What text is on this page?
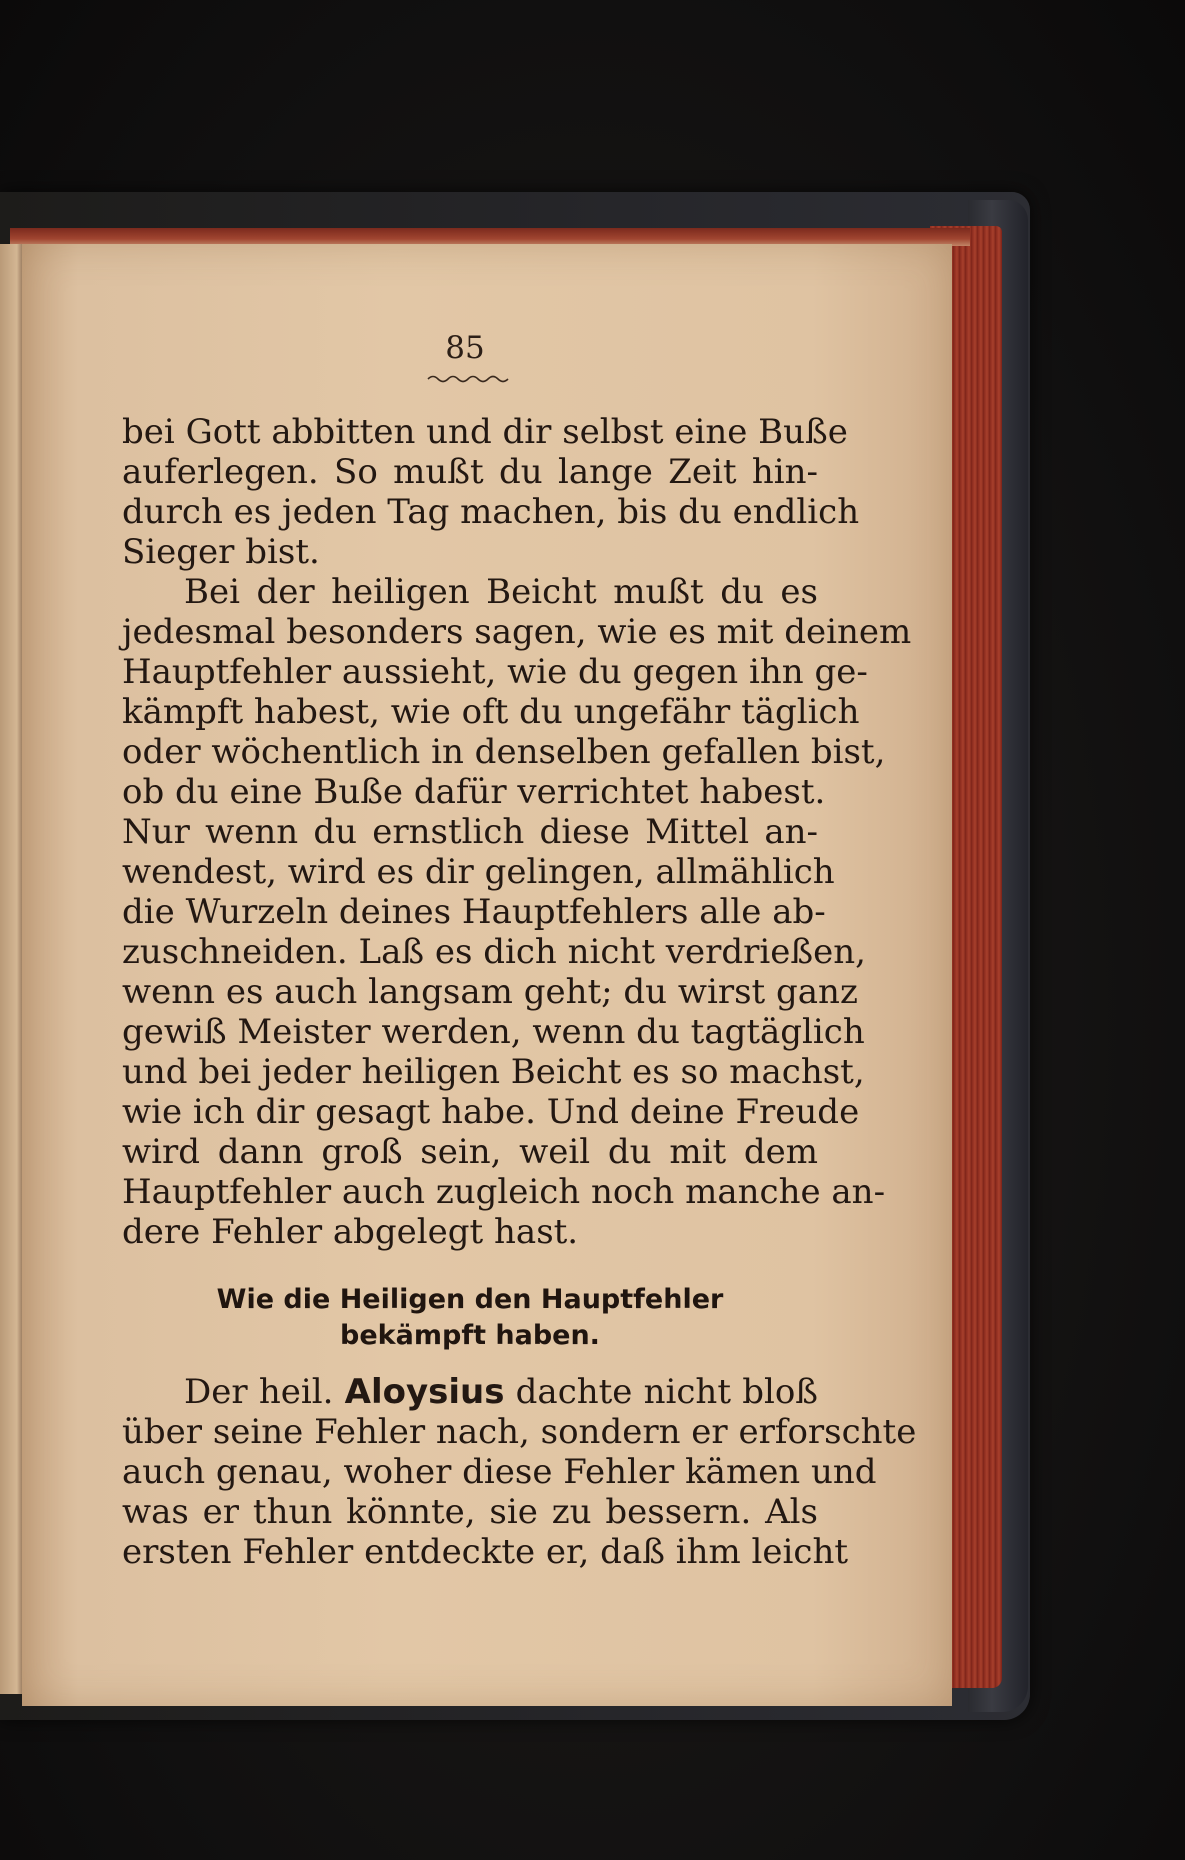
85

bei Gott abbitten und dir selbst eine Buße
auferlegen. So mußt du lange Zeit hin-
durch es jeden Tag machen, bis du endlich
Sieger bist.

Bei der heiligen Beicht mußt du es
jedesmal besonders sagen, wie es mit deinem
Hauptfehler aussieht, wie du gegen ihn ge-
kämpft habest, wie oft du ungefähr täglich
oder wöchentlich in denselben gefallen bist,
ob du eine Buße dafür verrichtet habest.
Nur wenn du ernstlich diese Mittel an-
wendest, wird es dir gelingen, allmählich
die Wurzeln deines Hauptfehlers alle ab-
zuschneiden. Laß es dich nicht verdrießen,
wenn es auch langsam geht; du wirst ganz
gewiß Meister werden, wenn du tagtäglich
und bei jeder heiligen Beicht es so machst,
wie ich dir gesagt habe. Und deine Freude
wird dann groß sein, weil du mit dem
Hauptfehler auch zugleich noch manche an-
dere Fehler abgelegt hast.

Wie die Heiligen den Hauptfehler
bekämpft haben.
Der heil. Aloysius dachte nicht bloß
über seine Fehler nach, sondern er erforschte
auch genau, woher diese Fehler kämen und
was er thun könnte, sie zu bessern. Als
ersten Fehler entdeckte er, daß ihm leicht
